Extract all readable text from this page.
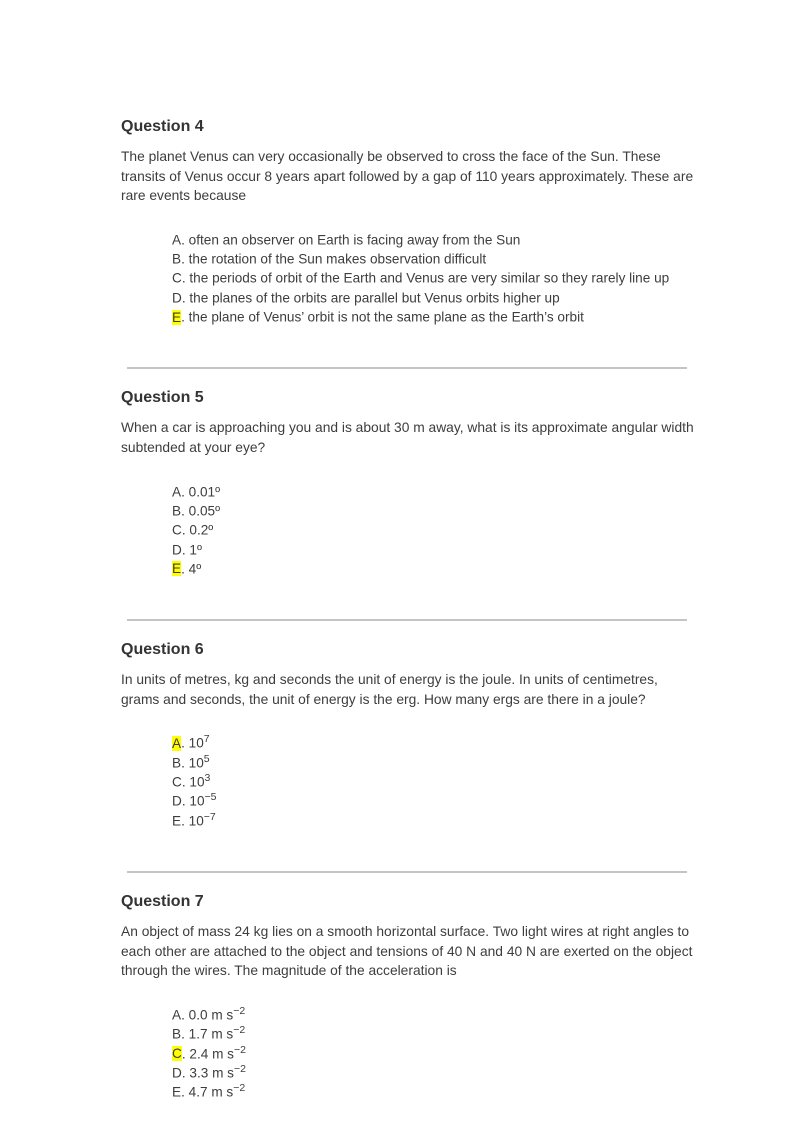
Question 4

The planet Venus can very occasionally be observed to cross the face of the Sun. These transits of Venus occur 8 years apart followed by a gap of 110 years approximately. These are rare events because

A. often an observer on Earth is facing away from the Sun
B. the rotation of the Sun makes observation difficult
C. the periods of orbit of the Earth and Venus are very similar so they rarely line up
D. the planes of the orbits are parallel but Venus orbits higher up
E. the plane of Venus’ orbit is not the same plane as the Earth’s orbit
Question 5

When a car is approaching you and is about 30 m away, what is its approximate angular width subtended at your eye?

A. 0.01º
B. 0.05º
C. 0.2º
D. 1º
E. 4º
Question 6

In units of metres, kg and seconds the unit of energy is the joule. In units of centimetres, grams and seconds, the unit of energy is the erg. How many ergs are there in a joule?

A. $10^7$
B. $10^5$
C. $10^3$
D. $10^{-5}$
E. $10^{-7}$
Question 7

An object of mass 24 kg lies on a smooth horizontal surface. Two light wires at right angles to each other are attached to the object and tensions of 40 N and 40 N are exerted on the object through the wires. The magnitude of the acceleration is

A. 0.0 m $s^{-2}$
B. 1.7 m $s^{-2}$
C. 2.4 m $s^{-2}$
D. 3.3 m $s^{-2}$
E. 4.7 m $s^{-2}$
